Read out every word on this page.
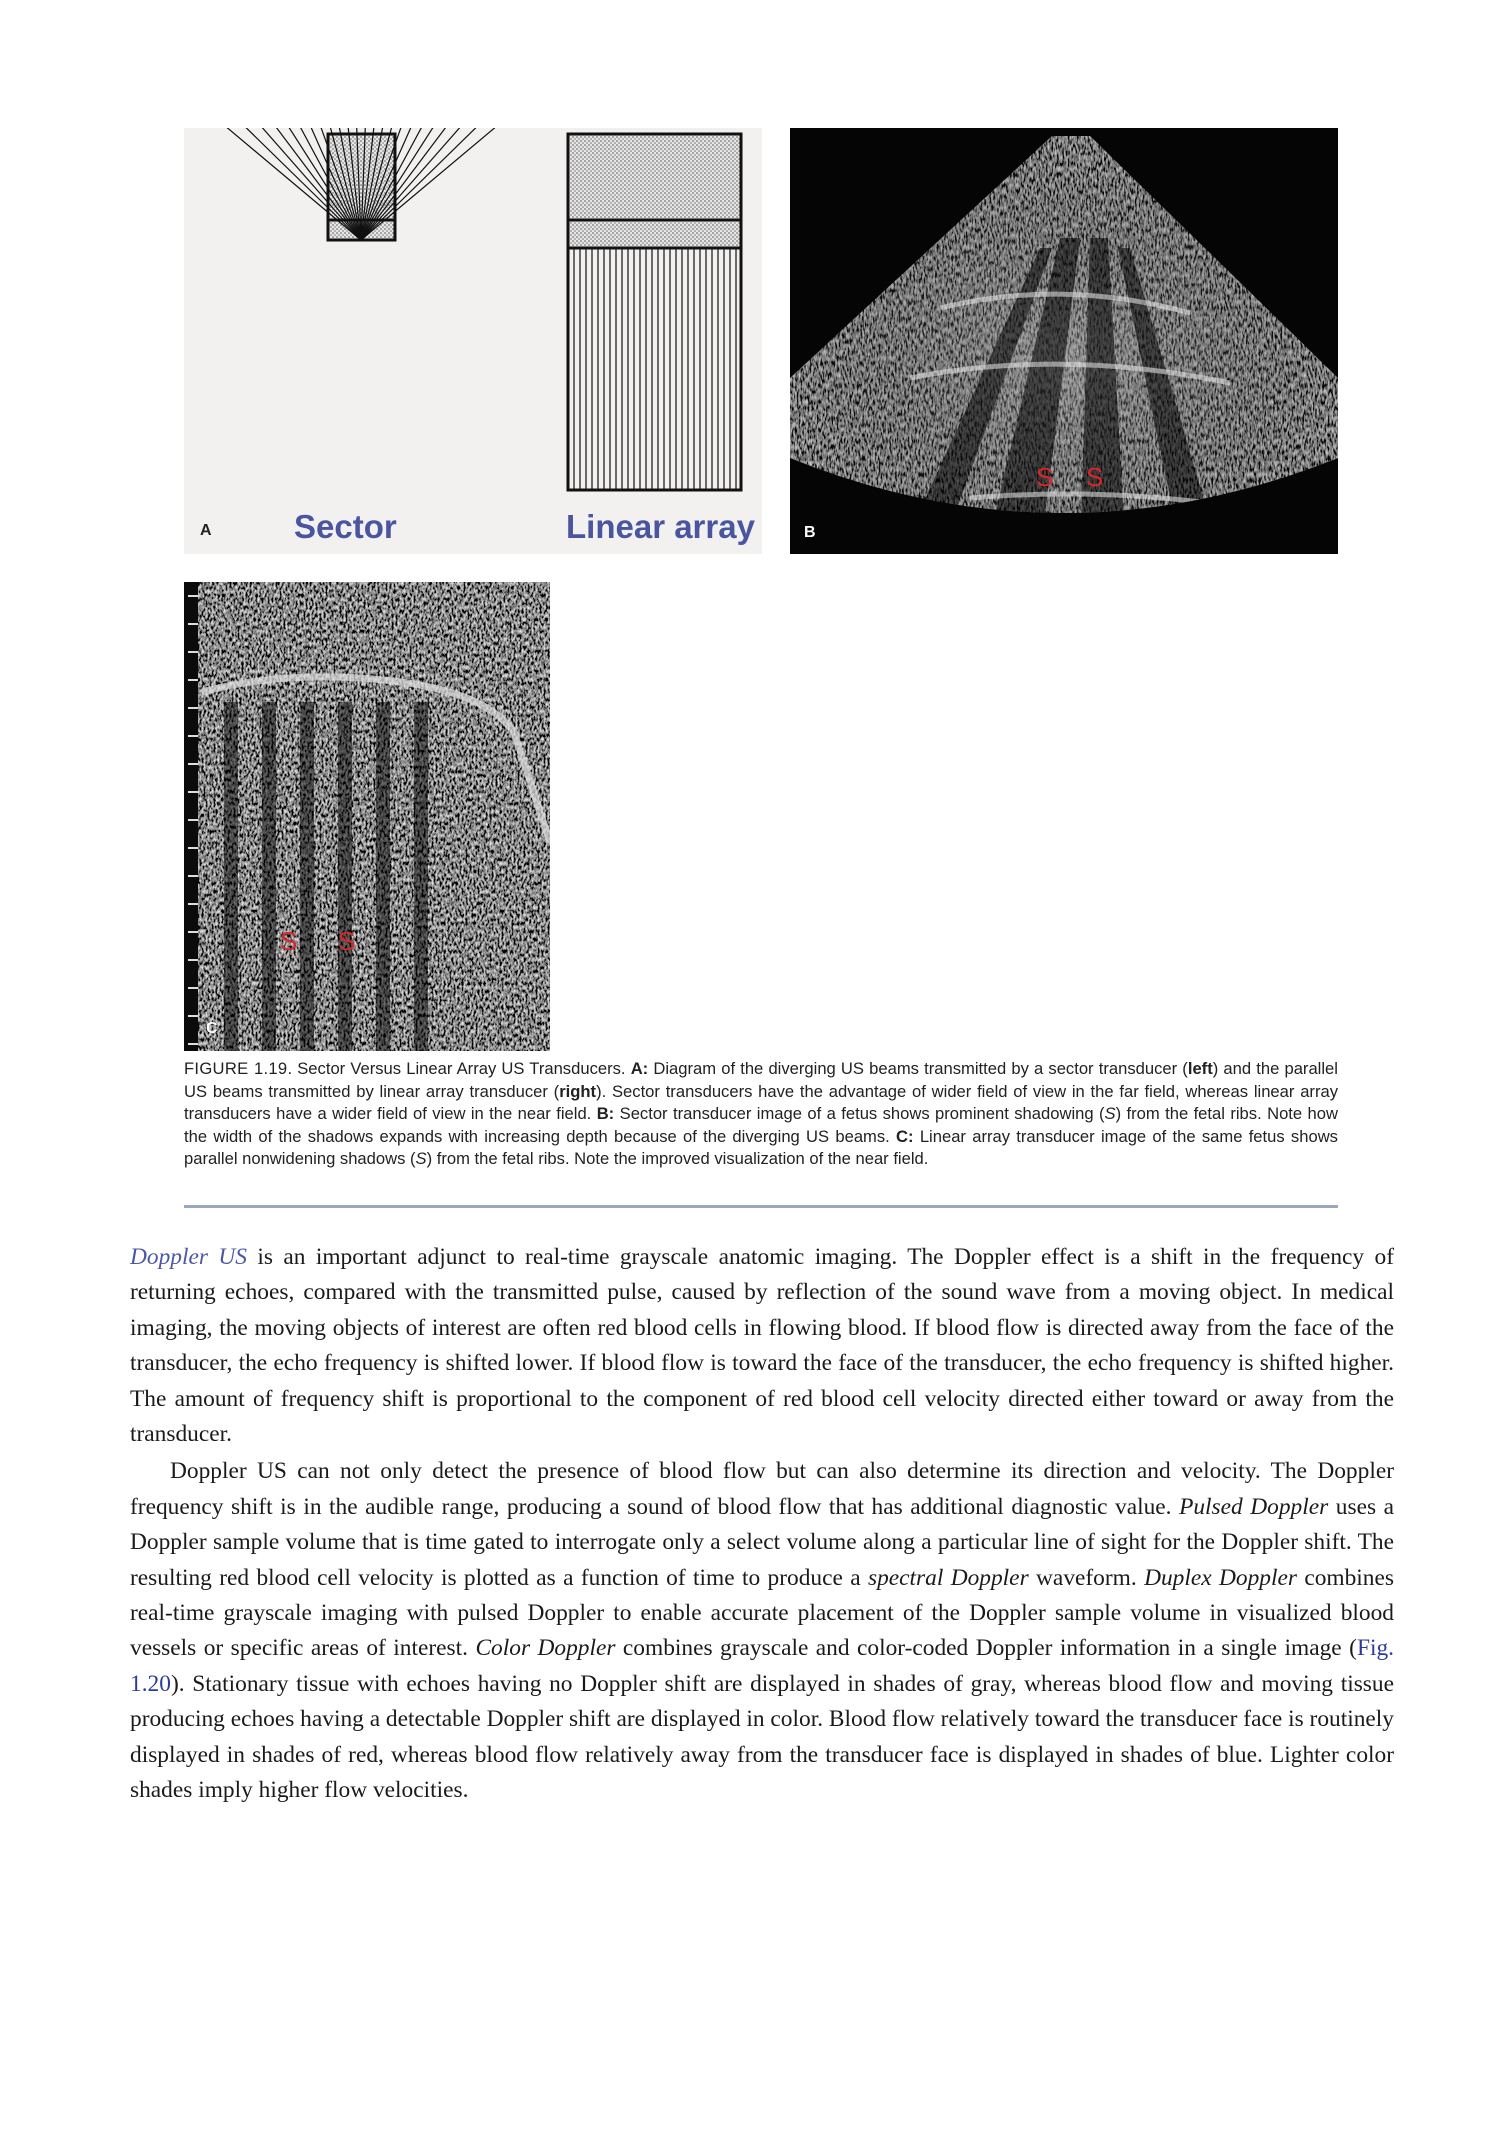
A Sector	Linear array
S S
B
S S
C
FIGURE 1.19. Sector Versus Linear Array US Transducers. A: Diagram of the diverging US beams transmitted by a sector transducer (left) and the parallel US beams transmitted by linear array transducer (right). Sector transducers have the advantage of wider field of view in the far field, whereas linear array transducers have a wider field of view in the near field. B: Sector transducer image of a fetus shows prominent shadowing (S) from the fetal ribs. Note how the width of the shadows expands with increasing depth because of the diverging US beams. C: Linear array transducer image of the same fetus shows parallel nonwidening shadows (S) from the fetal ribs. Note the improved visualization of the near field.

Doppler US is an important adjunct to real-time grayscale anatomic imaging. The Doppler effect is a shift in the frequency of returning echoes, compared with the transmitted pulse, caused by reflection of the sound wave from a moving object. In medical imaging, the moving objects of interest are often red blood cells in flowing blood. If blood flow is directed away from the face of the transducer, the echo frequency is shifted lower. If blood flow is toward the face of the transducer, the echo frequency is shifted higher. The amount of frequency shift is proportional to the component of red blood cell velocity directed either toward or away from the transducer.

Doppler US can not only detect the presence of blood flow but can also determine its direction and velocity. The Doppler frequency shift is in the audible range, producing a sound of blood flow that has additional diagnostic value. Pulsed Doppler uses a Doppler sample volume that is time gated to interrogate only a select volume along a particular line of sight for the Doppler shift. The resulting red blood cell velocity is plotted as a function of time to produce a spectral Doppler waveform. Duplex Doppler combines real-time grayscale imaging with pulsed Doppler to enable accurate placement of the Doppler sample volume in visualized blood vessels or specific areas of interest. Color Doppler combines grayscale and color-coded Doppler information in a single image (Fig. 1.20). Stationary tissue with echoes having no Doppler shift are displayed in shades of gray, whereas blood flow and moving tissue producing echoes having a detectable Doppler shift are displayed in color. Blood flow relatively toward the transducer face is routinely displayed in shades of red, whereas blood flow relatively away from the transducer face is displayed in shades of blue. Lighter color shades imply higher flow velocities.
